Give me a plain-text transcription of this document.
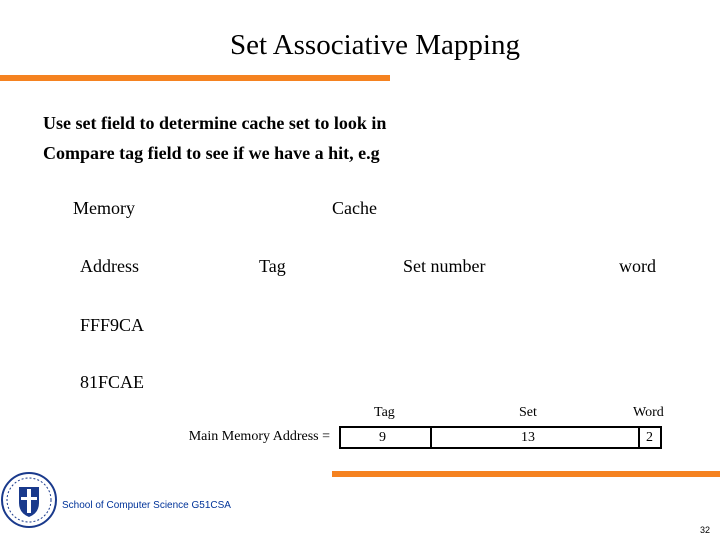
Set Associative Mapping
Use set field to determine cache set to look in
Compare tag field to see if we have a hit, e.g
Memory	Cache
Address	Tag	Set number	word
FFF9CA
81FCAE
Tag	Set	Word
Main Memory Address =	9	13	2
School of Computer Science G51CSA
32
